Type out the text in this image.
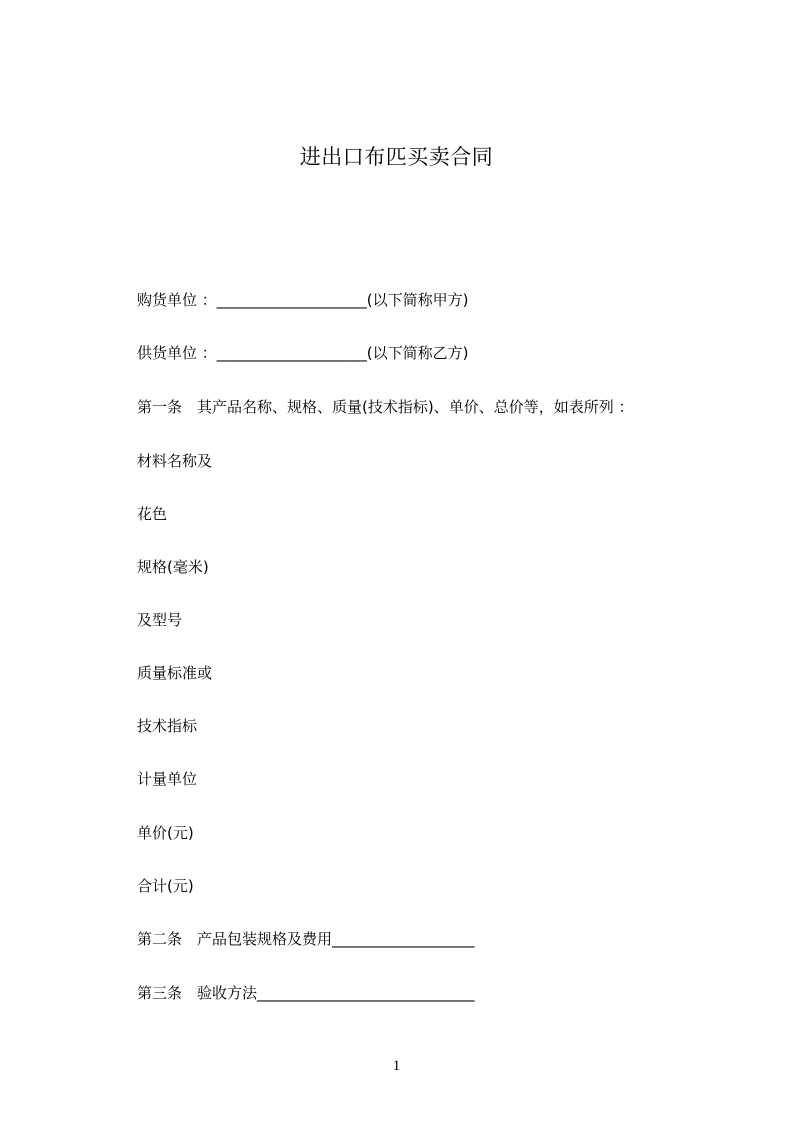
进出口布匹买卖合同
购货单位 ：____________________(以下简称甲方)
供货单位 ：____________________(以下简称乙方)
第一条　其产品名称、规格、质量(技术指标)、单价、总价等，如表所列 ：
材料名称及
花色
规格(毫米)
及型号
质量标准或
技术指标
计量单位
单价(元)
合计(元)
第二条　产品包装规格及费用___________________
第三条　验收方法_____________________________
1
